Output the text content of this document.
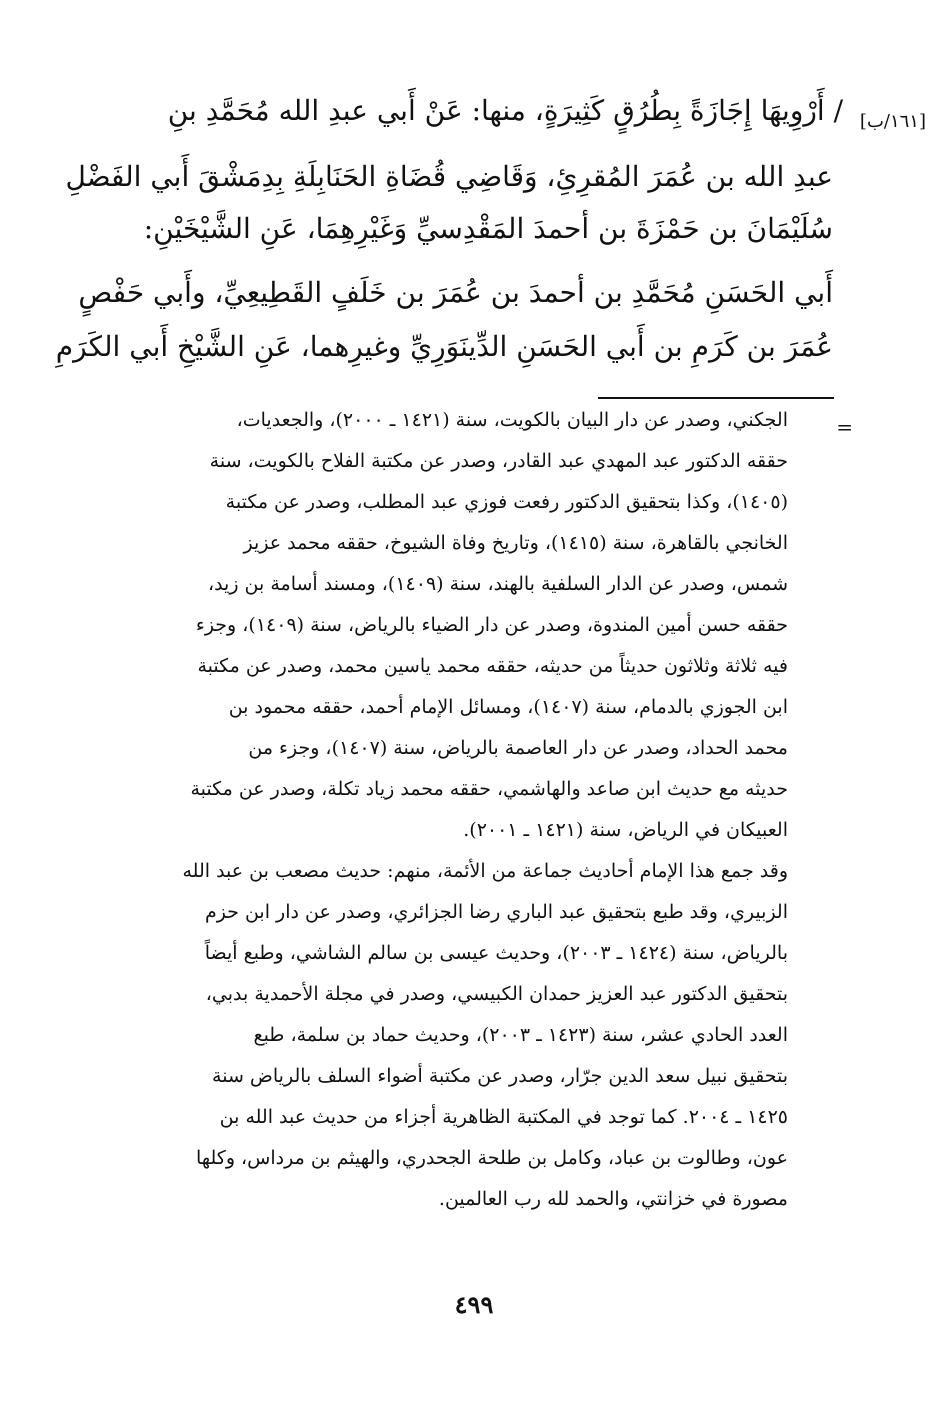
/ أَرْوِيهَا إِجَازَةً بِطُرُقٍ كَثِيرَةٍ، منها: عَنْ أَبي عبدِ الله مُحَمَّدِ بنِ [١٦١/ب]
عبدِ الله بن عُمَرَ المُقرِئِ، وَقَاضِي قُضَاةِ الحَنَابِلَةِ بِدِمَشْقَ أَبي الفَضْلِ
سُلَيْمَانَ بن حَمْزَةَ بن أحمدَ المَقْدِسيِّ وَغَيْرِهِمَا، عَنِ الشَّيْخَيْنِ:
أَبي الحَسَنِ مُحَمَّدِ بن أحمدَ بن عُمَرَ بن خَلَفٍ القَطِيعِيِّ، وأَبي حَفْصٍ
عُمَرَ بن كَرَمِ بن أَبي الحَسَنِ الدِّينَوَرِيِّ وغيرِهما، عَنِ الشَّيْخِ أَبي الكَرَمِ
=
الجكني، وصدر عن دار البيان بالكويت، سنة (١٤٢١ ـ ٢٠٠٠)، والجعديات،
حققه الدكتور عبد المهدي عبد القادر، وصدر عن مكتبة الفلاح بالكويت، سنة
(١٤٠٥)، وكذا بتحقيق الدكتور رفعت فوزي عبد المطلب، وصدر عن مكتبة
الخانجي بالقاهرة، سنة (١٤١٥)، وتاريخ وفاة الشيوخ، حققه محمد عزيز
شمس، وصدر عن الدار السلفية بالهند، سنة (١٤٠٩)، ومسند أسامة بن زيد،
حققه حسن أمين المندوة، وصدر عن دار الضياء بالرياض، سنة (١٤٠٩)، وجزء
فيه ثلاثة وثلاثون حديثاً من حديثه، حققه محمد ياسين محمد، وصدر عن مكتبة
ابن الجوزي بالدمام، سنة (١٤٠٧)، ومسائل الإمام أحمد، حققه محمود بن
محمد الحداد، وصدر عن دار العاصمة بالرياض، سنة (١٤٠٧)، وجزء من
حديثه مع حديث ابن صاعد والهاشمي، حققه محمد زياد تكلة، وصدر عن مكتبة
العبيكان في الرياض، سنة (١٤٢١ ـ ٢٠٠١).
وقد جمع هذا الإمام أحاديث جماعة من الأئمة، منهم: حديث مصعب بن عبد الله
الزبيري، وقد طبع بتحقيق عبد الباري رضا الجزائري، وصدر عن دار ابن حزم
بالرياض، سنة (١٤٢٤ ـ ٢٠٠٣)، وحديث عيسى بن سالم الشاشي، وطبع أيضاً
بتحقيق الدكتور عبد العزيز حمدان الكبيسي، وصدر في مجلة الأحمدية بدبي،
العدد الحادي عشر، سنة (١٤٢٣ ـ ٢٠٠٣)، وحديث حماد بن سلمة، طبع
بتحقيق نبيل سعد الدين جرّار، وصدر عن مكتبة أضواء السلف بالرياض سنة
١٤٢٥ ـ ٢٠٠٤. كما توجد في المكتبة الظاهرية أجزاء من حديث عبد الله بن
عون، وطالوت بن عباد، وكامل بن طلحة الجحدري، والهيثم بن مرداس، وكلها
مصورة في خزانتي، والحمد لله رب العالمين.
٤٩٩
